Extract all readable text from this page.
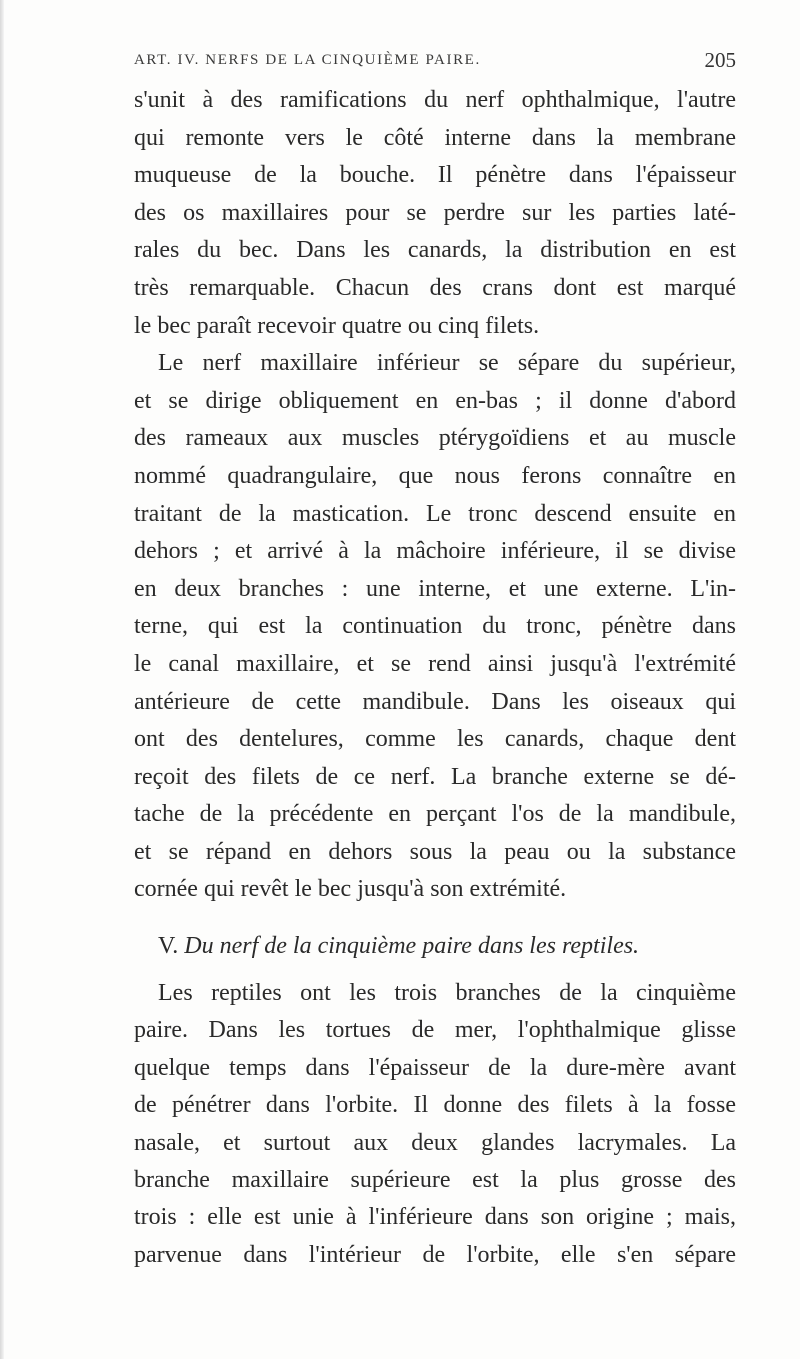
ART. IV. NERFS DE LA CINQUIÈME PAIRE.	205
s'unit à des ramifications du nerf ophthalmique, l'autre
qui remonte vers le côté interne dans la membrane
muqueuse de la bouche. Il pénètre dans l'épaisseur
des os maxillaires pour se perdre sur les parties laté-
rales du bec. Dans les canards, la distribution en est
très remarquable. Chacun des crans dont est marqué
le bec paraît recevoir quatre ou cinq filets.
Le nerf maxillaire inférieur se sépare du supérieur,
et se dirige obliquement en en-bas ; il donne d'abord
des rameaux aux muscles ptérygoïdiens et au muscle
nommé quadrangulaire, que nous ferons connaître en
traitant de la mastication. Le tronc descend ensuite en
dehors ; et arrivé à la mâchoire inférieure, il se divise
en deux branches : une interne, et une externe. L'in-
terne, qui est la continuation du tronc, pénètre dans
le canal maxillaire, et se rend ainsi jusqu'à l'extrémité
antérieure de cette mandibule. Dans les oiseaux qui
ont des dentelures, comme les canards, chaque dent
reçoit des filets de ce nerf. La branche externe se dé-
tache de la précédente en perçant l'os de la mandibule,
et se répand en dehors sous la peau ou la substance
cornée qui revêt le bec jusqu'à son extrémité.
V. Du nerf de la cinquième paire dans les reptiles.
Les reptiles ont les trois branches de la cinquième
paire. Dans les tortues de mer, l'ophthalmique glisse
quelque temps dans l'épaisseur de la dure-mère avant
de pénétrer dans l'orbite. Il donne des filets à la fosse
nasale, et surtout aux deux glandes lacrymales. La
branche maxillaire supérieure est la plus grosse des
trois : elle est unie à l'inférieure dans son origine ; mais,
parvenue dans l'intérieur de l'orbite, elle s'en sépare
